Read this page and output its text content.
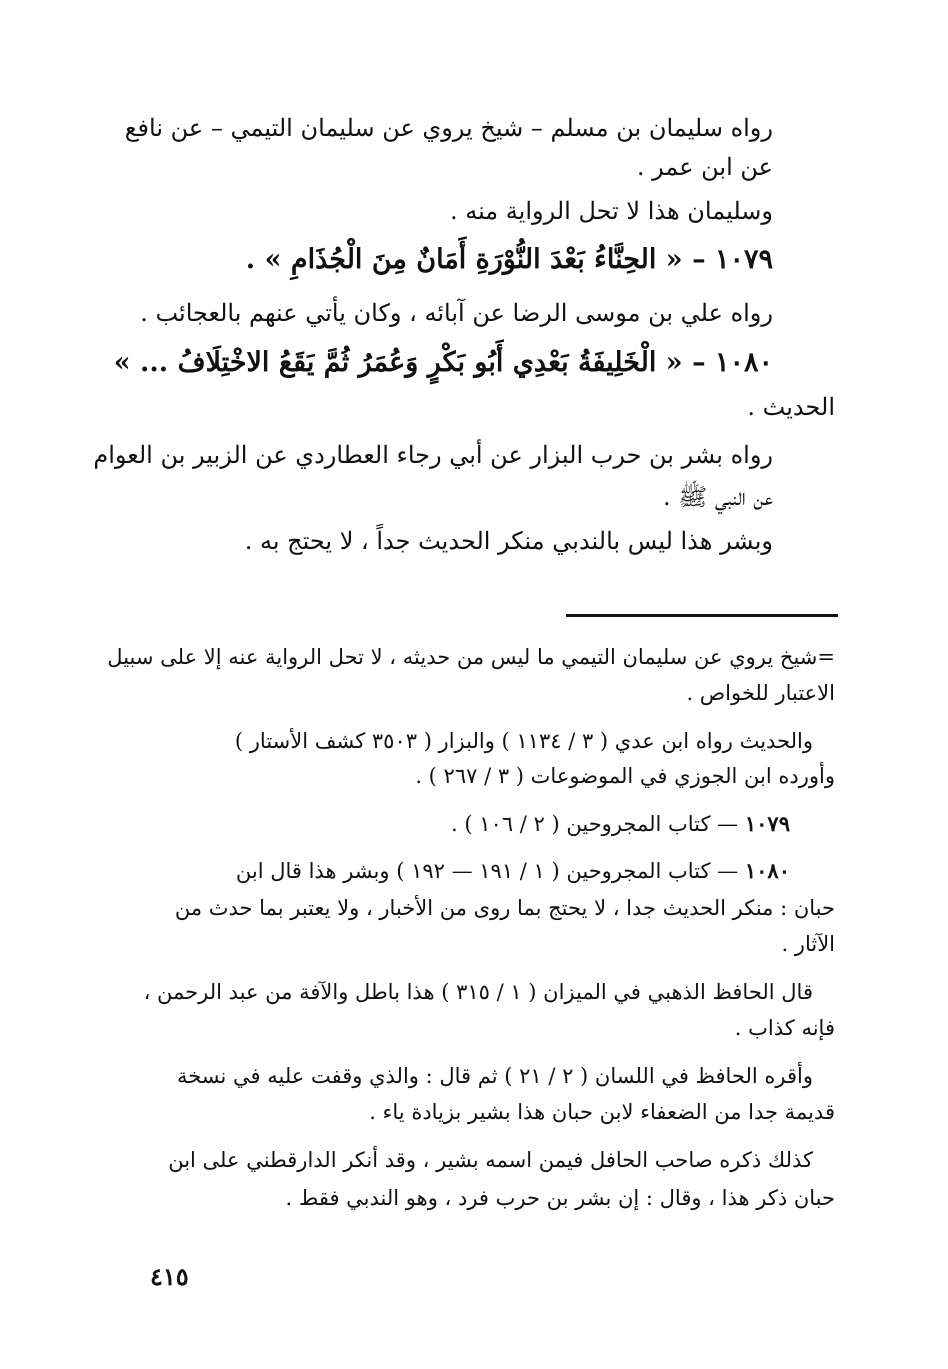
رواه سليمان بن مسلم – شيخ يروي عن سليمان التيمي – عن نافع

عن ابن عمر .

وسليمان هذا لا تحل الرواية منه .

١٠٧٩ – « الحِنَّاءُ بَعْدَ النُّوْرَةِ أَمَانٌ مِنَ الْجُذَامِ » .

رواه علي بن موسى الرضا عن آبائه ، وكان يأتي عنهم بالعجائب .

١٠٨٠ – « الْخَلِيفَةُ بَعْدِي أَبُو بَكْرٍ وَعُمَرُ ثُمَّ يَقَعُ الاخْتِلَافُ ... »

الحديث .

رواه بشر بن حرب البزار عن أبي رجاء العطاردي عن الزبير بن العوام

عن النبي ﷺ .

وبشر هذا ليس بالندبي منكر الحديث جداً ، لا يحتج به .

=شيخ يروي عن سليمان التيمي ما ليس من حديثه ، لا تحل الرواية عنه إلا على سبيل

الاعتبار للخواص .

والحديث رواه ابن عدي ( ٣ / ١١٣٤ ) والبزار ( ٣٥٠٣ كشف الأستار )

وأورده ابن الجوزي في الموضوعات ( ٣ / ٢٦٧ ) .

١٠٧٩ — كتاب المجروحين ( ٢ / ١٠٦ ) .

١٠٨٠ — كتاب المجروحين ( ١ / ١٩١ — ١٩٢ ) وبشر هذا قال ابن

حبان : منكر الحديث جدا ، لا يحتج بما روى من الأخبار ، ولا يعتبر بما حدث من

الآثار .

قال الحافظ الذهبي في الميزان ( ١ / ٣١٥ ) هذا باطل والآفة من عبد الرحمن ،

فإنه كذاب .

وأقره الحافظ في اللسان ( ٢ / ٢١ ) ثم قال : والذي وقفت عليه في نسخة

قديمة جدا من الضعفاء لابن حبان هذا بشير بزيادة ياء .

كذلك ذكره صاحب الحافل فيمن اسمه بشير ، وقد أنكر الدارقطني على ابن

حبان ذكر هذا ، وقال : إن بشر بن حرب فرد ، وهو الندبي فقط .

٤١٥
